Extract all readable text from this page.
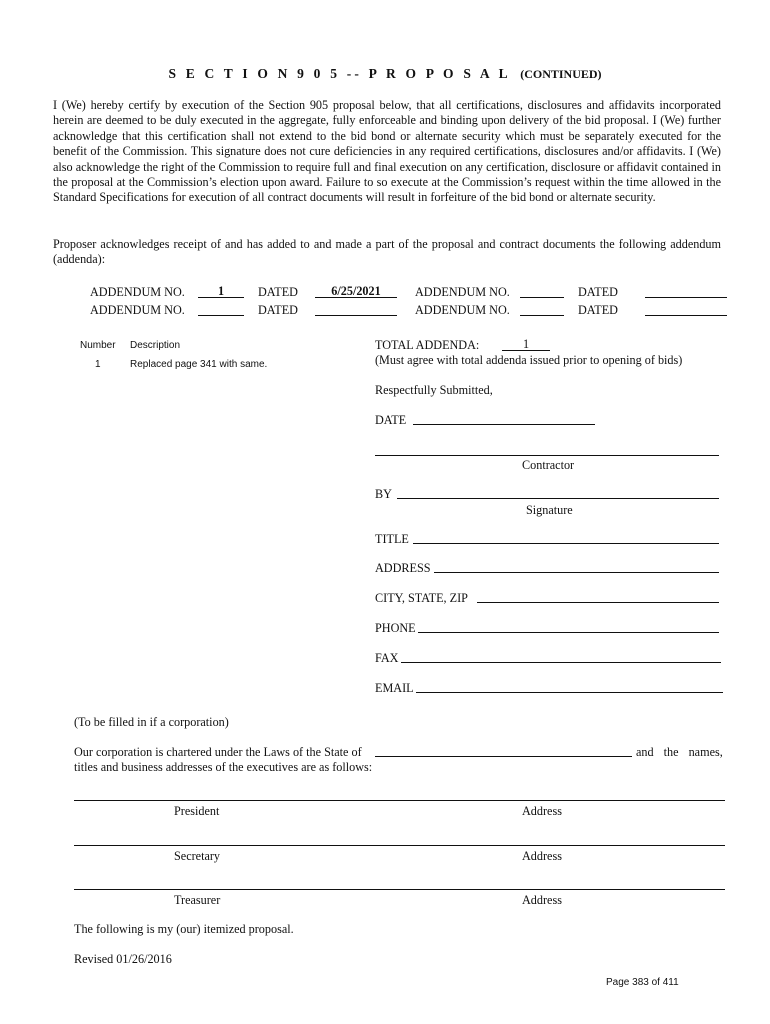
S E C T I O N 9 0 5 -- P R O P O S A L (CONTINUED)
I (We) hereby certify by execution of the Section 905 proposal below, that all certifications, disclosures and affidavits incorporated herein are deemed to be duly executed in the aggregate, fully enforceable and binding upon delivery of the bid proposal. I (We) further acknowledge that this certification shall not extend to the bid bond or alternate security which must be separately executed for the benefit of the Commission. This signature does not cure deficiencies in any required certifications, disclosures and/or affidavits. I (We) also acknowledge the right of the Commission to require full and final execution on any certification, disclosure or affidavit contained in the proposal at the Commission’s election upon award. Failure to so execute at the Commission’s request within the time allowed in the Standard Specifications for execution of all contract documents will result in forfeiture of the bid bond or alternate security.
Proposer acknowledges receipt of and has added to and made a part of the proposal and contract documents the following addendum (addenda):
ADDENDUM NO.	1	DATED	6/25/2021	ADDENDUM NO.	DATED
ADDENDUM NO.	DATED	ADDENDUM NO.	DATED
Number Description
1	Replaced page 341 with same.
TOTAL ADDENDA:	1
(Must agree with total addenda issued prior to opening of bids)
Respectfully Submitted,
DATE
Contractor
BY
Signature
TITLE
ADDRESS
CITY, STATE, ZIP
PHONE
FAX
EMAIL
(To be filled in if a corporation)
Our corporation is chartered under the Laws of the State of	and the names,
titles and business addresses of the executives are as follows:
President	Address
Secretary	Address
Treasurer	Address
The following is my (our) itemized proposal.
Revised 01/26/2016
Page 383 of 411
